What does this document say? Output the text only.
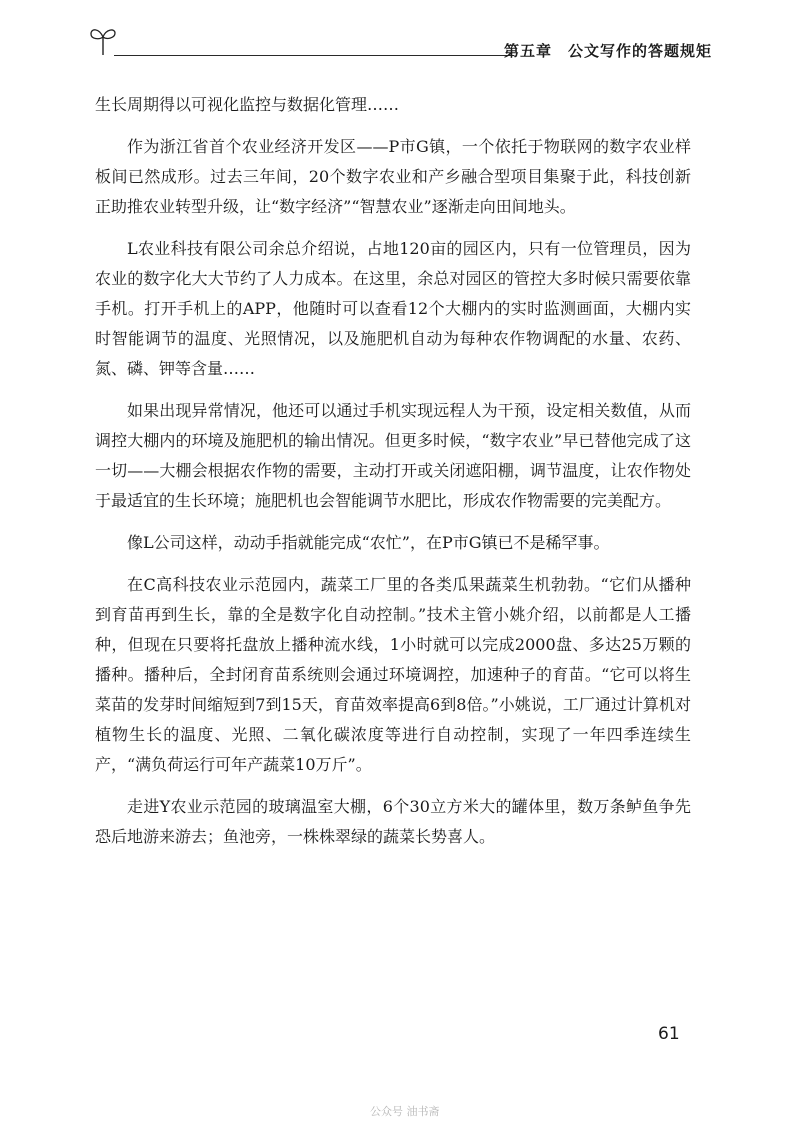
第五章 公文写作的答题规矩

生长周期得以可视化监控与数据化管理……

作为浙江省首个农业经济开发区——P市G镇，一个依托于物联网的数字农业样板间已然成形。过去三年间，20个数字农业和产乡融合型项目集聚于此，科技创新正助推农业转型升级，让“数字经济”“智慧农业”逐渐走向田间地头。

L农业科技有限公司余总介绍说，占地120亩的园区内，只有一位管理员，因为农业的数字化大大节约了人力成本。在这里，余总对园区的管控大多时候只需要依靠手机。打开手机上的APP，他随时可以查看12个大棚内的实时监测画面，大棚内实时智能调节的温度、光照情况，以及施肥机自动为每种农作物调配的水量、农药、氮、磷、钾等含量……

如果出现异常情况，他还可以通过手机实现远程人为干预，设定相关数值，从而调控大棚内的环境及施肥机的输出情况。但更多时候，“数字农业”早已替他完成了这一切——大棚会根据农作物的需要，主动打开或关闭遮阳棚，调节温度，让农作物处于最适宜的生长环境；施肥机也会智能调节水肥比，形成农作物需要的完美配方。

像L公司这样，动动手指就能完成“农忙”，在P市G镇已不是稀罕事。

在C高科技农业示范园内，蔬菜工厂里的各类瓜果蔬菜生机勃勃。“它们从播种到育苗再到生长，靠的全是数字化自动控制。”技术主管小姚介绍，以前都是人工播种，但现在只要将托盘放上播种流水线，1小时就可以完成2000盘、多达25万颗的播种。播种后，全封闭育苗系统则会通过环境调控，加速种子的育苗。“它可以将生菜苗的发芽时间缩短到7到15天，育苗效率提高6到8倍。”小姚说，工厂通过计算机对植物生长的温度、光照、二氧化碳浓度等进行自动控制，实现了一年四季连续生产，“满负荷运行可年产蔬菜10万斤”。

走进Y农业示范园的玻璃温室大棚，6个30立方米大的罐体里，数万条鲈鱼争先恐后地游来游去；鱼池旁，一株株翠绿的蔬菜长势喜人。

61
公众号 油书斋
